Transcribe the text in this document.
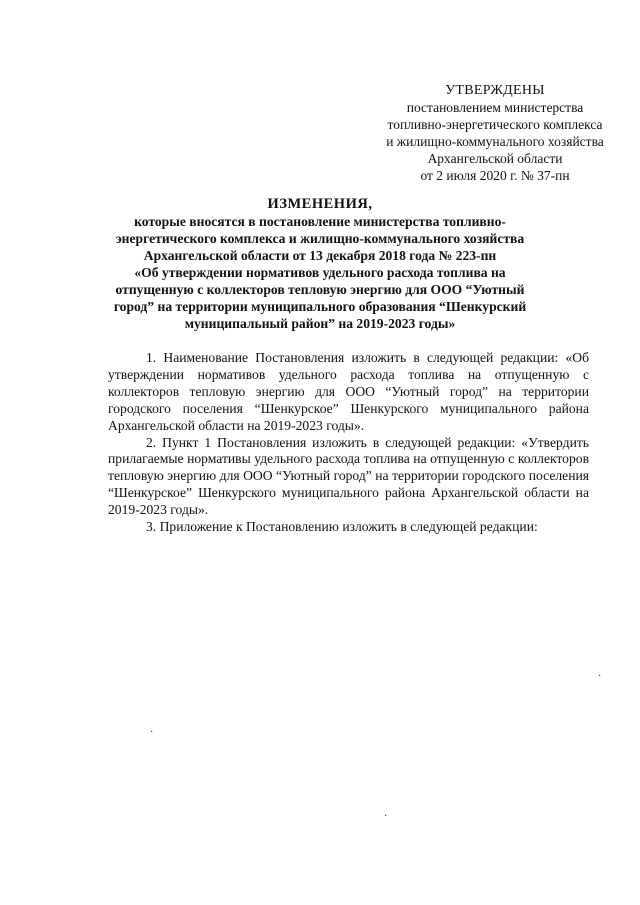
УТВЕРЖДЕНЫ
постановлением министерства
топливно-энергетического комплекса
и жилищно-коммунального хозяйства
Архангельской области
от 2 июля 2020 г. № 37-пн
ИЗМЕНЕНИЯ,
которые вносятся в постановление министерства топливно-
энергетического комплекса и жилищно-коммунального хозяйства
Архангельской области от 13 декабря 2018 года № 223-пн
«Об утверждении нормативов удельного расхода топлива на
отпущенную с коллекторов тепловую энергию для ООО “Уютный
город” на территории муниципального образования “Шенкурский
муниципальный район” на 2019-2023 годы»

1. Наименование Постановления изложить в следующей редакции: «Об утверждении нормативов удельного расхода топлива на отпущенную с коллекторов тепловую энергию для ООО “Уютный город” на территории городского поселения “Шенкурское” Шенкурского муниципального района Архангельской области на 2019-2023 годы».

2. Пункт 1 Постановления изложить в следующей редакции: «Утвердить прилагаемые нормативы удельного расхода топлива на отпущенную с коллекторов тепловую энергию для ООО “Уютный город” на территории городского поселения “Шенкурское” Шенкурского муниципального района Архангельской области на 2019-2023 годы».

3. Приложение к Постановлению изложить в следующей редакции:

·
·
·
